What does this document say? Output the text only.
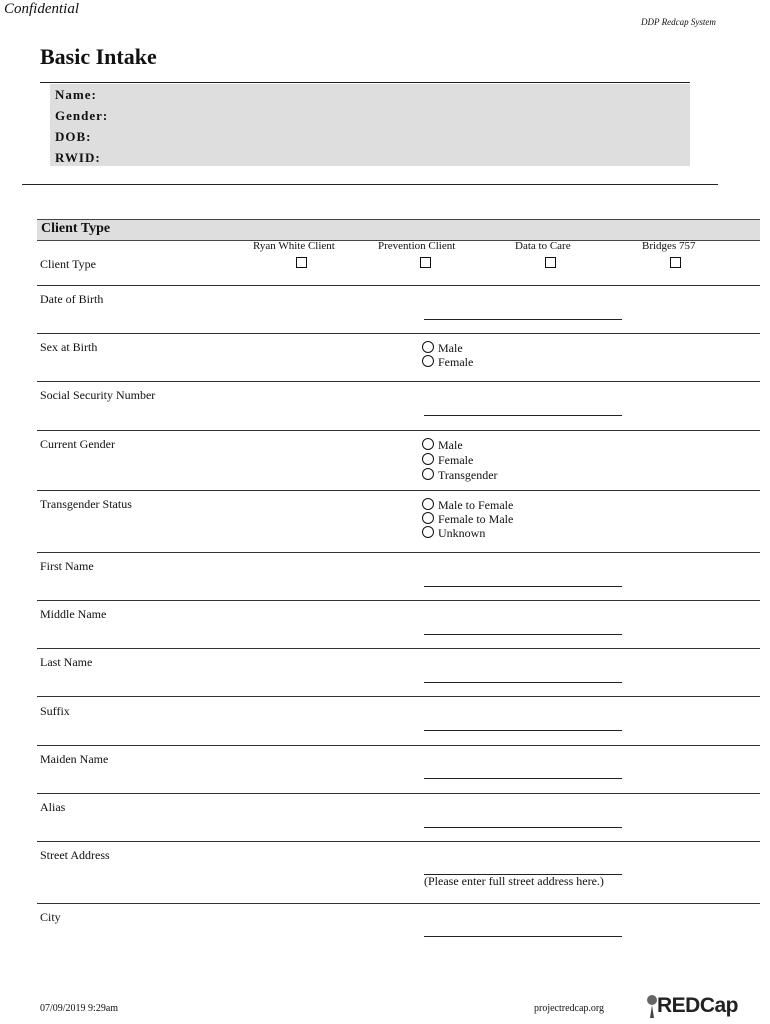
Confidential
DDP Redcap System
Basic Intake
Name:
Gender:
DOB:
RWID:
Client Type
Client Type
Ryan White Client	Prevention Client	Data to Care	Bridges 757
Date of Birth
Sex at Birth	Male
Female
Social Security Number
Current Gender	Male
Female
Transgender
Transgender Status	Male to Female
Female to Male
Unknown
First Name
Middle Name
Last Name
Suffix
Maiden Name
Alias
Street Address
(Please enter full street address here.)
City
07/09/2019 9:29am	projectredcap.org	REDCap
